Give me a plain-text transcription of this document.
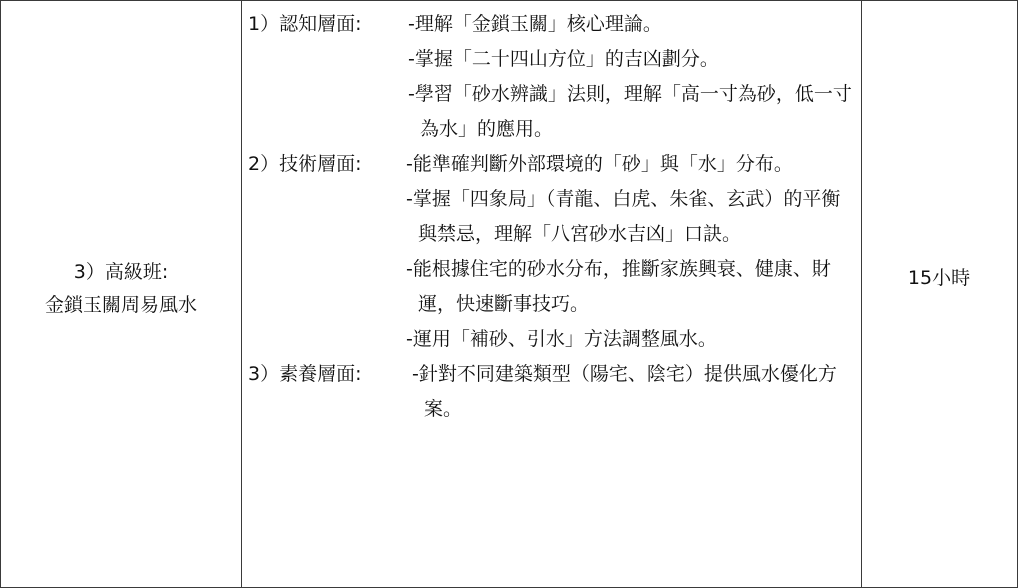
3）高級班:
金鎖玉關周易風水
1）認知層面: -理解「金鎖玉關」核心理論。
-掌握「二十四山方位」的吉凶劃分。
-學習「砂水辨識」法則，理解「高一寸為砂，低一寸為水」的應用。
2）技術層面: -能準確判斷外部環境的「砂」與「水」分布。
-掌握「四象局」（青龍、白虎、朱雀、玄武）的平衡與禁忌，理解「八宮砂水吉凶」口訣。
-能根據住宅的砂水分布，推斷家族興衰、健康、財運，快速斷事技巧。
-運用「補砂、引水」方法調整風水。
3）素養層面:	-針對不同建築類型（陽宅、陰宅）提供風水優化方案。
15小時
